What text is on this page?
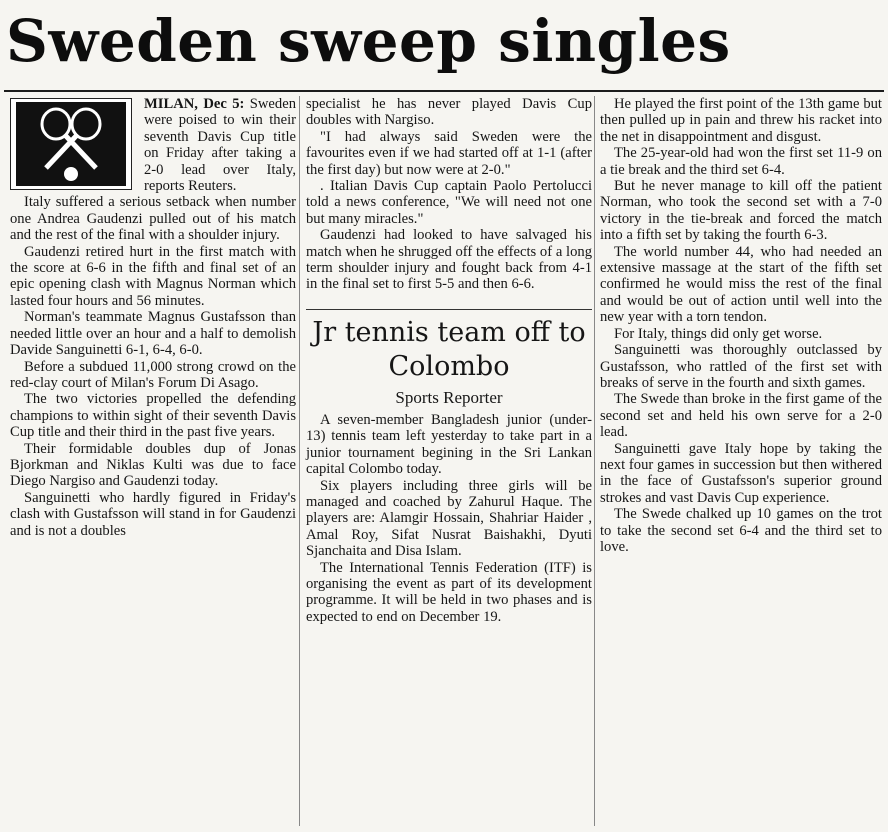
Sweden sweep singles

MILAN, Dec 5: Sweden were poised to win their seventh Davis Cup title on Friday after taking a 2-0 lead over Italy, reports Reuters.

Italy suffered a serious setback when number one Andrea Gaudenzi pulled out of his match and the rest of the final with a shoulder injury.

Gaudenzi retired hurt in the first match with the score at 6-6 in the fifth and final set of an epic opening clash with Magnus Norman which lasted four hours and 56 minutes.

Norman's teammate Magnus Gustafsson than needed little over an hour and a half to demolish Davide Sanguinetti 6-1, 6-4, 6-0.

Before a subdued 11,000 strong crowd on the red-clay court of Milan's Forum Di Asago.

The two victories propelled the defending champions to within sight of their seventh Davis Cup title and their third in the past five years.

Their formidable doubles dup of Jonas Bjorkman and Niklas Kulti was due to face Diego Nargiso and Gaudenzi today.

Sanguinetti who hardly figured in Friday's clash with Gustafsson will stand in for Gaudenzi and is not a doubles

specialist he has never played Davis Cup doubles with Nargiso.

"I had always said Sweden were the favourites even if we had started off at 1-1 (after the first day) but now were at 2-0."

. Italian Davis Cup captain Paolo Pertolucci told a news conference, "We will need not one but many miracles."

Gaudenzi had looked to have salvaged his match when he shrugged off the effects of a long term shoulder injury and fought back from 4-1 in the final set to first 5-5 and then 6-6.

Jr tennis team off to Colombo
Sports Reporter

A seven-member Bangladesh junior (under-13) tennis team left yesterday to take part in a junior tournament begining in the Sri Lankan capital Colombo today.

Six players including three girls will be managed and coached by Zahurul Haque. The players are: Alamgir Hossain, Shahriar Haider , Amal Roy, Sifat Nusrat Baishakhi, Dyuti Sjanchaita and Disa Islam.

The International Tennis Federation (ITF) is organising the event as part of its development programme. It will be held in two phases and is expected to end on December 19.

He played the first point of the 13th game but then pulled up in pain and threw his racket into the net in disappointment and disgust.

The 25-year-old had won the first set 11-9 on a tie break and the third set 6-4.

But he never manage to kill off the patient Norman, who took the second set with a 7-0 victory in the tie-break and forced the match into a fifth set by taking the fourth 6-3.

The world number 44, who had needed an extensive massage at the start of the fifth set confirmed he would miss the rest of the final and would be out of action until well into the new year with a torn tendon.

For Italy, things did only get worse.

Sanguinetti was thoroughly outclassed by Gustafsson, who rattled of the first set with breaks of serve in the fourth and sixth games.

The Swede than broke in the first game of the second set and held his own serve for a 2-0 lead.

Sanguinetti gave Italy hope by taking the next four games in succession but then withered in the face of Gustafsson's superior ground strokes and vast Davis Cup experience.

The Swede chalked up 10 games on the trot to take the second set 6-4 and the third set to love.
